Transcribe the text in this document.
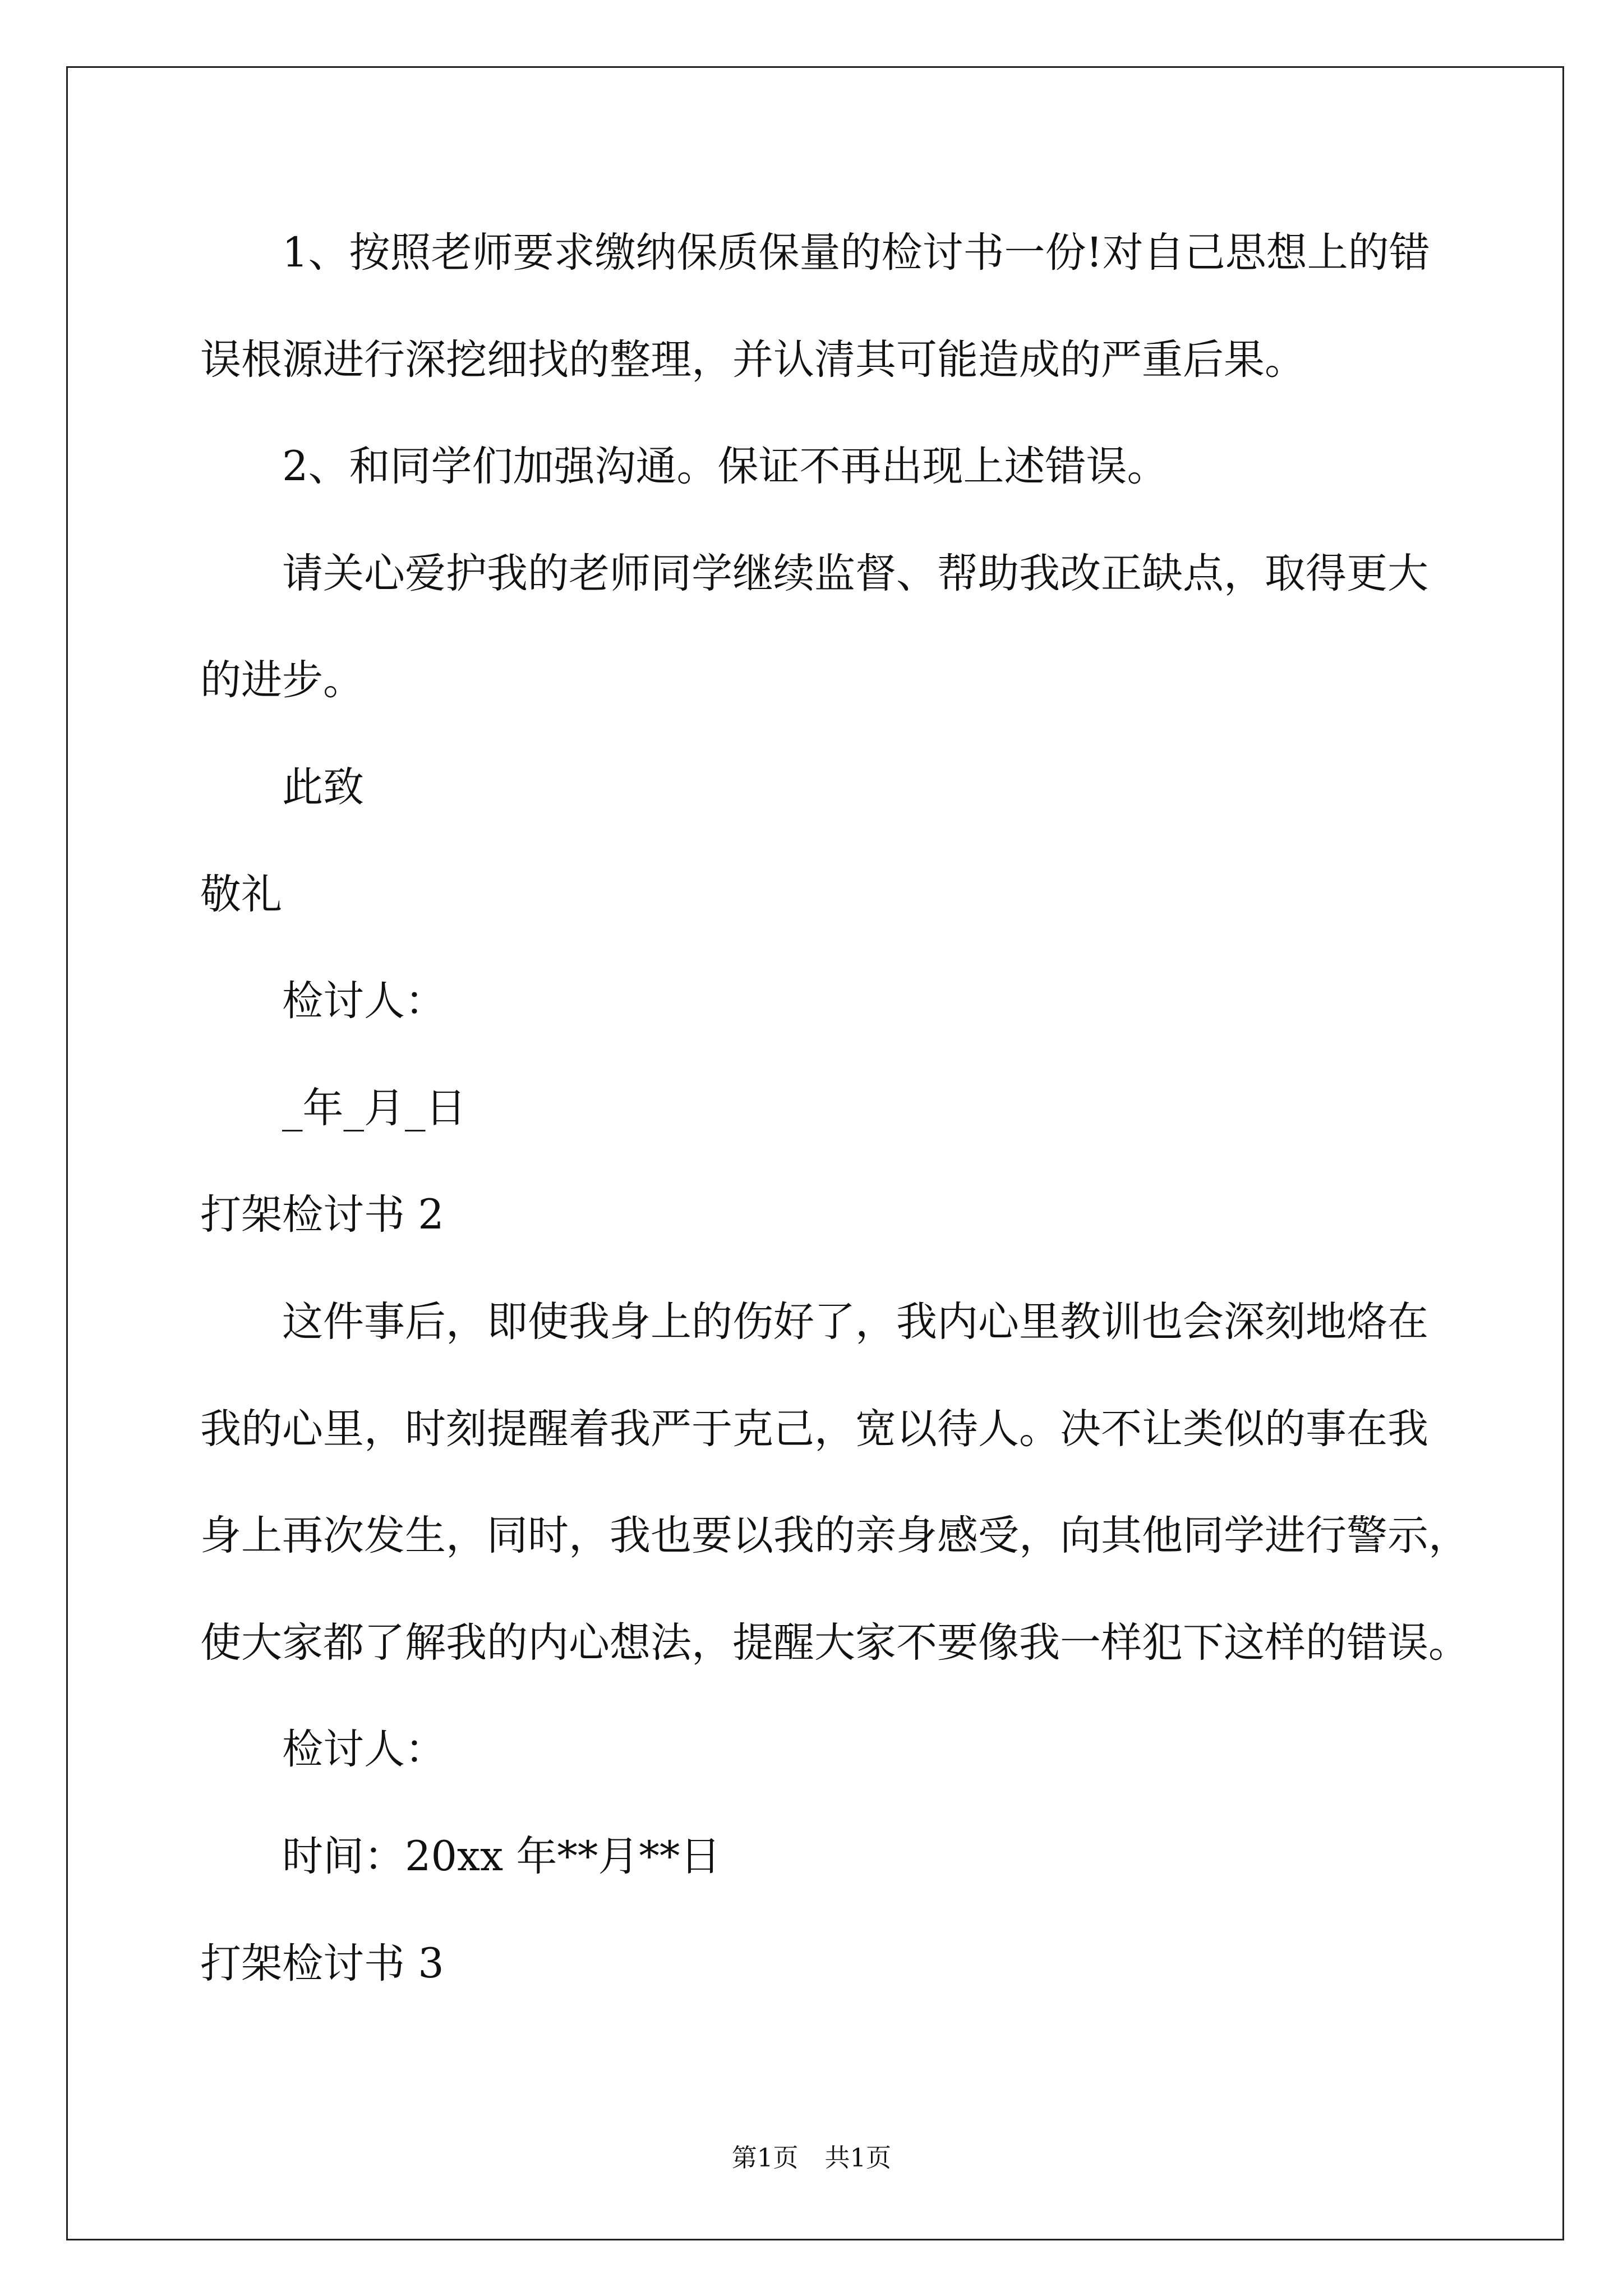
1、按照老师要求缴纳保质保量的检讨书一份!对自己思想上的错
误根源进行深挖细找的整理，并认清其可能造成的严重后果。
2、和同学们加强沟通。保证不再出现上述错误。
请关心爱护我的老师同学继续监督、帮助我改正缺点，取得更大
的进步。
此致
敬礼
检讨人：
_年_月_日
打架检讨书 2
这件事后，即使我身上的伤好了，我内心里教训也会深刻地烙在
我的心里，时刻提醒着我严于克己，宽以待人。决不让类似的事在我
身上再次发生，同时，我也要以我的亲身感受，向其他同学进行警示，
使大家都了解我的内心想法，提醒大家不要像我一样犯下这样的错误。
检讨人：
时间：20xx 年**月**日
打架检讨书 3
第1页 共1页
